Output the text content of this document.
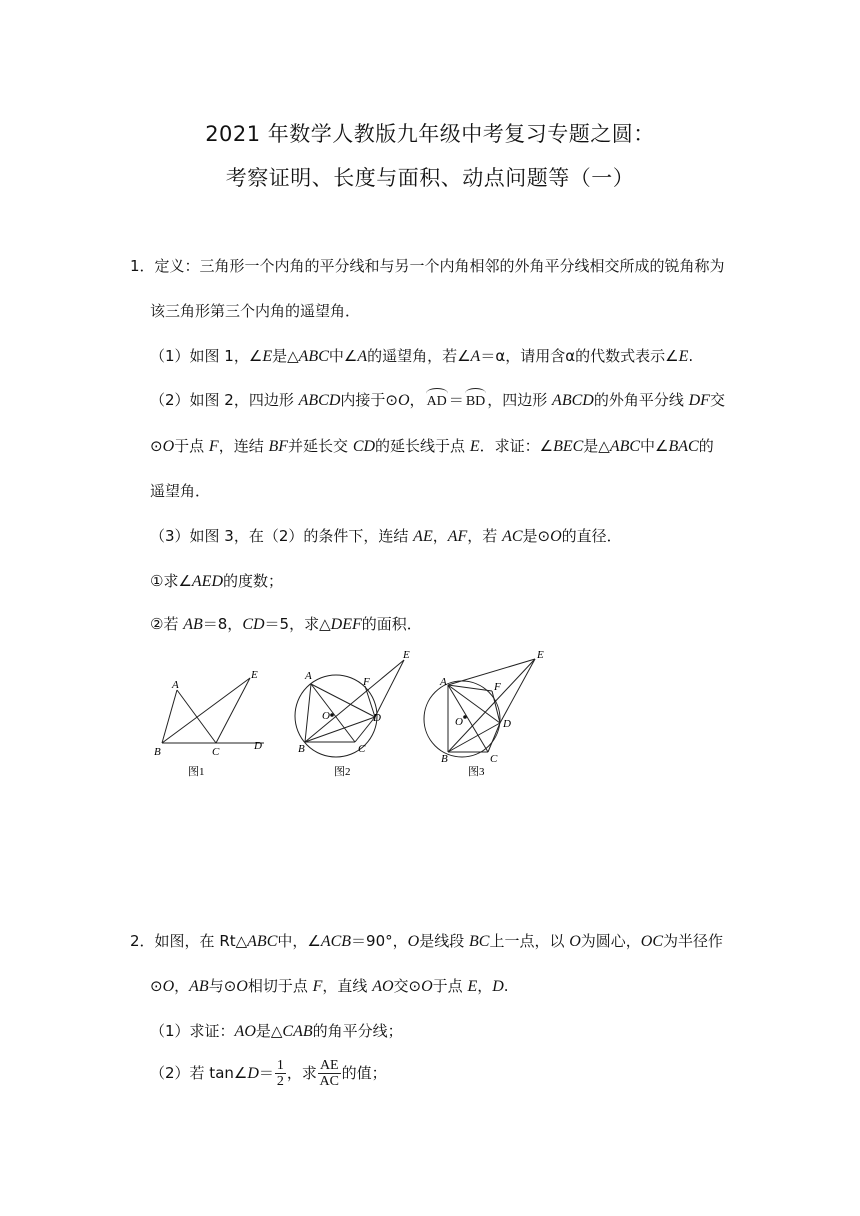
2021 年数学人教版九年级中考复习专题之圆：
考察证明、长度与面积、动点问题等（一）
1．定义：三角形一个内角的平分线和与另一个内角相邻的外角平分线相交所成的锐角称为
该三角形第三个内角的遥望角．
（1）如图 1，∠E是△ABC中∠A的遥望角，若∠A＝α，请用含α的代数式表示∠E.
（2）如图 2，四边形 ABCD内接于⊙O， AD ＝ BD ，四边形 ABCD的外角平分线 DF交
⊙O于点 F，连结 BF并延长交 CD的延长线于点 E．求证：∠BEC是△ABC中∠BAC的
遥望角．
（3）如图 3，在（2）的条件下，连结 AE，AF，若 AC是⊙O的直径．
①求∠AED的度数；
②若 AB＝8，CD＝5，求△DEF的面积．
A
B	C	D
E
图1
A
B	C
D
E
F
O
图2
A
B	C
D
E
F
O
图3
2．如图，在 Rt△ABC中，∠ACB＝90°，O是线段 BC上一点，以 O为圆心，OC为半径作
⊙O，AB与⊙O相切于点 F，直线 AO交⊙O于点 E，D.
（1）求证：AO是△CAB的角平分线；
（2）若 tan∠D＝ $\frac{1}{2}$ ，求 $\frac{AE}{AC}$ 的值；
